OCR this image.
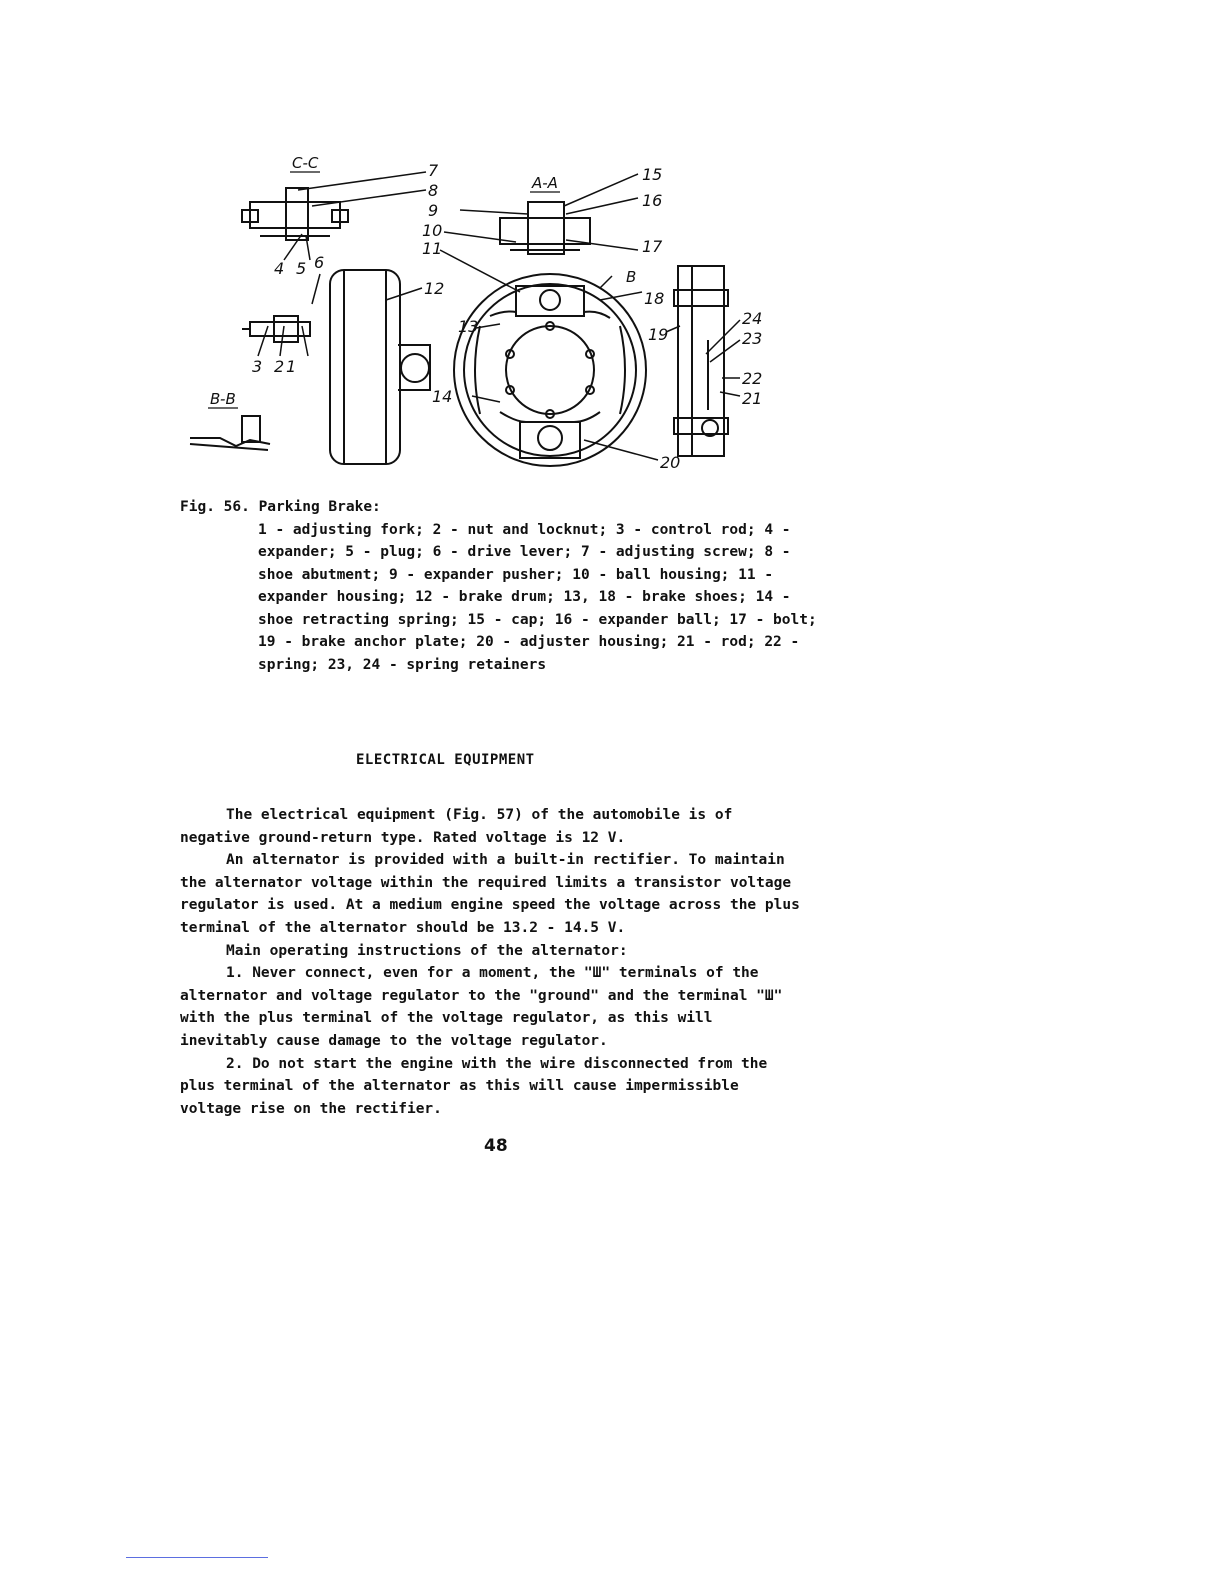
C-C
A-A
B-B
B
1
2
3
4 5 6
7
8
9
10
11
12
13
14
15
16
17
18
19
20
21
22
23
24
Fig. 56. Parking Brake:
1 - adjusting fork; 2 - nut and locknut; 3 - control rod; 4 - expander; 5 - plug; 6 - drive lever; 7 - adjusting screw; 8 - shoe abutment; 9 - expander pusher; 10 - ball housing; 11 - expander housing; 12 - brake drum; 13, 18 - brake shoes; 14 - shoe retracting spring; 15 - cap; 16 - expander ball; 17 - bolt; 19 - brake anchor plate; 20 - adjuster housing; 21 - rod; 22 - spring; 23, 24 - spring retainers
ELECTRICAL EQUIPMENT

The electrical equipment (Fig. 57) of the automobile is of negative ground-return type. Rated voltage is 12 V.

An alternator is provided with a built-in rectifier. To maintain the alternator voltage within the required limits a transistor voltage regulator is used. At a medium engine speed the voltage across the plus terminal of the alternator should be 13.2 - 14.5 V.

Main operating instructions of the alternator:

1. Never connect, even for a moment, the "Ш" terminals of the alternator and voltage regulator to the "ground" and the terminal "Ш" with the plus terminal of the voltage regulator, as this will inevitably cause damage to the voltage regulator.

2. Do not start the engine with the wire disconnected from the plus terminal of the alternator as this will cause impermissible voltage rise on the rectifier.

48
